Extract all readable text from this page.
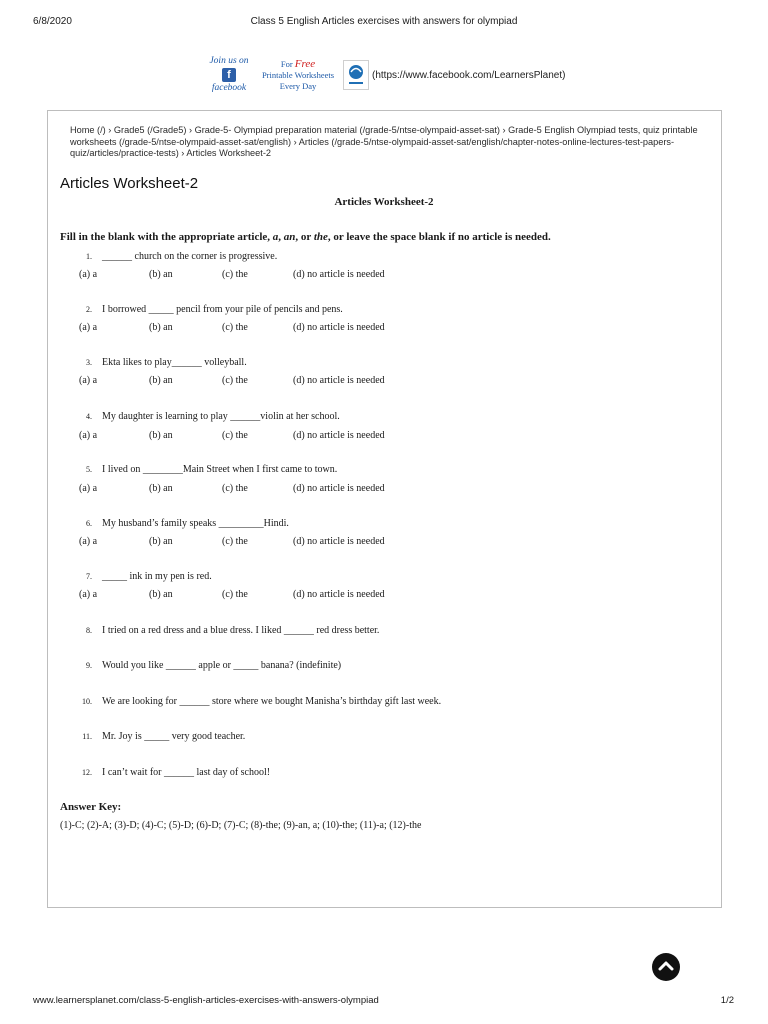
6/8/2020	Class 5 English Articles exercises with answers for olympiad
Join us on
f
facebook
For Free
Printable Worksheets
Every Day
(https://www.facebook.com/LearnersPlanet)
Home (/) › Grade5 (/Grade5) › Grade-5- Olympiad preparation material (/grade-5/ntse-olympaid-asset-sat) › Grade-5 English Olympiad tests, quiz printable worksheets (/grade-5/ntse-olympaid-asset-sat/english) › Articles (/grade-5/ntse-olympaid-asset-sat/english/chapter-notes-online-lectures-test-papers-quiz/articles/practice-tests) › Articles Worksheet-2
Articles Worksheet-2
Articles Worksheet-2
Fill in the blank with the appropriate article, a, an, or the, or leave the space blank if no article is needed.
1. ______ church on the corner is progressive.
(a) a	(b) an	(c) the	(d) no article is needed
2. I borrowed _____ pencil from your pile of pencils and pens.
(a) a	(b) an	(c) the	(d) no article is needed
3. Ekta likes to play______ volleyball.
(a) a	(b) an	(c) the	(d) no article is needed
4. My daughter is learning to play ______violin at her school.
(a) a	(b) an	(c) the	(d) no article is needed
5. I lived on ________Main Street when I first came to town.
(a) a	(b) an	(c) the	(d) no article is needed
6. My husband’s family speaks _________Hindi.
(a) a	(b) an	(c) the	(d) no article is needed
7. _____ ink in my pen is red.
(a) a	(b) an	(c) the	(d) no article is needed
8. I tried on a red dress and a blue dress. I liked ______ red dress better.
9. Would you like ______ apple or _____ banana? (indefinite)
10. We are looking for ______ store where we bought Manisha’s birthday gift last week.
11. Mr. Joy is _____ very good teacher.
12. I can’t wait for ______ last day of school!
Answer Key:
(1)-C; (2)-A; (3)-D; (4)-C; (5)-D; (6)-D; (7)-C; (8)-the; (9)-an, a; (10)-the; (11)-a; (12)-the
www.learnersplanet.com/class-5-english-articles-exercises-with-answers-olympiad	1/2
